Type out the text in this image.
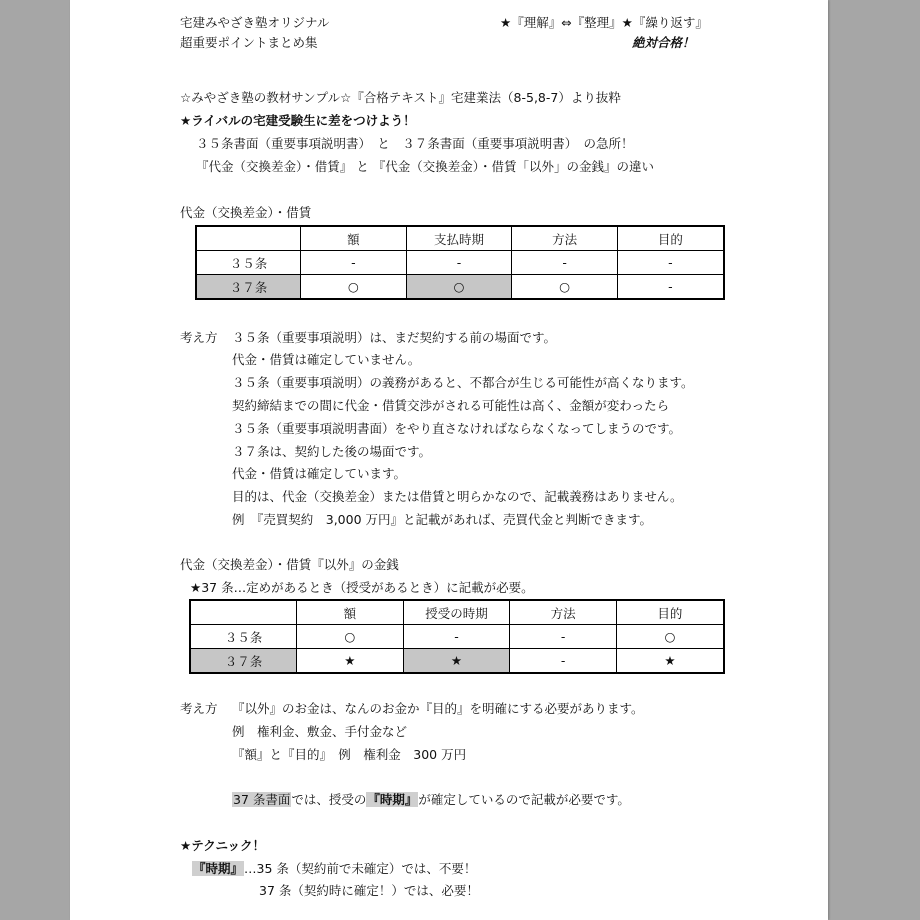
宅建みやざき塾オリジナル
超重要ポイントまとめ集
★『理解』⇔『整理』★『繰り返す』
絶対合格！
☆みやざき塾の教材サンプル☆『合格テキスト』宅建業法（8-5,8-7）より抜粋
★ライバルの宅建受験生に差をつけよう！
３５条書面（重要事項説明書）　と　３７条書面（重要事項説明書）　の急所！
『代金（交換差金）・借賃』 と 『代金（交換差金）・借賃「以外」の金銭』の違い
代金（交換差金）・借賃
	額	支払時期	方法	目的
３５条	-	-	-	-
３７条	○	○	○	-
考え方 ３５条（重要事項説明）は、まだ契約する前の場面です。
代金・借賃は確定していません。
３５条（重要事項説明）の義務があると、不都合が生じる可能性が高くなります。
契約締結までの間に代金・借賃交渉がされる可能性は高く、金額が変わったら
３５条（重要事項説明書面）をやり直さなければならなくなってしまうのです。
３７条は、契約した後の場面です。
代金・借賃は確定しています。
目的は、代金（交換差金）または借賃と明らかなので、記載義務はありません。
例　『売買契約　3,000 万円』と記載があれば、売買代金と判断できます。
代金（交換差金）・借賃『以外』の金銭
★37 条…定めがあるとき（授受があるとき）に記載が必要。
	額	授受の時期	方法	目的
３５条	○	-	-	○
３７条	★	★	-	★
考え方 『以外』のお金は、なんのお金か『目的』を明確にする必要があります。
例　権利金、敷金、手付金など
『額』と『目的』　例　権利金　300 万円
37 条書面では、授受の『時期』が確定しているので記載が必要です。
★テクニック！
『時期』…35 条（契約前で未確定）では、不要！
37 条（契約時に確定！）では、必要！
